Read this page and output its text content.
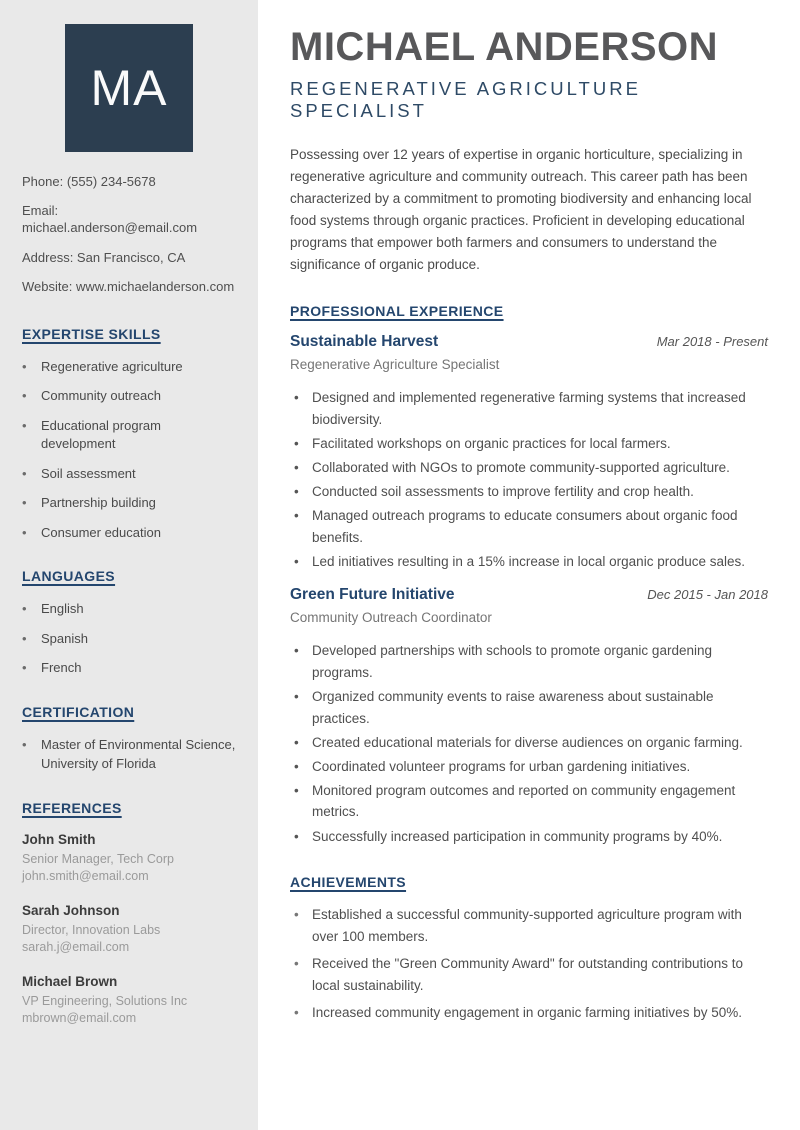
MA
Phone: (555) 234-5678
Email: michael.anderson@email.com
Address: San Francisco, CA
Website: www.michaelanderson.com
EXPERTISE SKILLS
•	Regenerative agriculture
•	Community outreach
•	Educational program development
•	Soil assessment
•	Partnership building
•	Consumer education
LANGUAGES
•	English
•	Spanish
•	French
CERTIFICATION
•	Master of Environmental Science, University of Florida
REFERENCES
John Smith
Senior Manager, Tech Corp
john.smith@email.com
Sarah Johnson
Director, Innovation Labs
sarah.j@email.com
Michael Brown
VP Engineering, Solutions Inc
mbrown@email.com
MICHAEL ANDERSON
REGENERATIVE AGRICULTURE SPECIALIST

Possessing over 12 years of expertise in organic horticulture, specializing in regenerative agriculture and community outreach. This career path has been characterized by a commitment to promoting biodiversity and enhancing local food systems through organic practices. Proficient in developing educational programs that empower both farmers and consumers to understand the significance of organic produce.

PROFESSIONAL EXPERIENCE
Sustainable Harvest	Mar 2018 - Present
Regenerative Agriculture Specialist
• Designed and implemented regenerative farming systems that increased biodiversity.
• Facilitated workshops on organic practices for local farmers.
• Collaborated with NGOs to promote community-supported agriculture.
• Conducted soil assessments to improve fertility and crop health.
• Managed outreach programs to educate consumers about organic food benefits.
• Led initiatives resulting in a 15% increase in local organic produce sales.
Green Future Initiative	Dec 2015 - Jan 2018
Community Outreach Coordinator
• Developed partnerships with schools to promote organic gardening programs.
• Organized community events to raise awareness about sustainable practices.
• Created educational materials for diverse audiences on organic farming.
• Coordinated volunteer programs for urban gardening initiatives.
• Monitored program outcomes and reported on community engagement metrics.
• Successfully increased participation in community programs by 40%.
ACHIEVEMENTS
• Established a successful community-supported agriculture program with over 100 members.
• Received the "Green Community Award" for outstanding contributions to local sustainability.
• Increased community engagement in organic farming initiatives by 50%.
